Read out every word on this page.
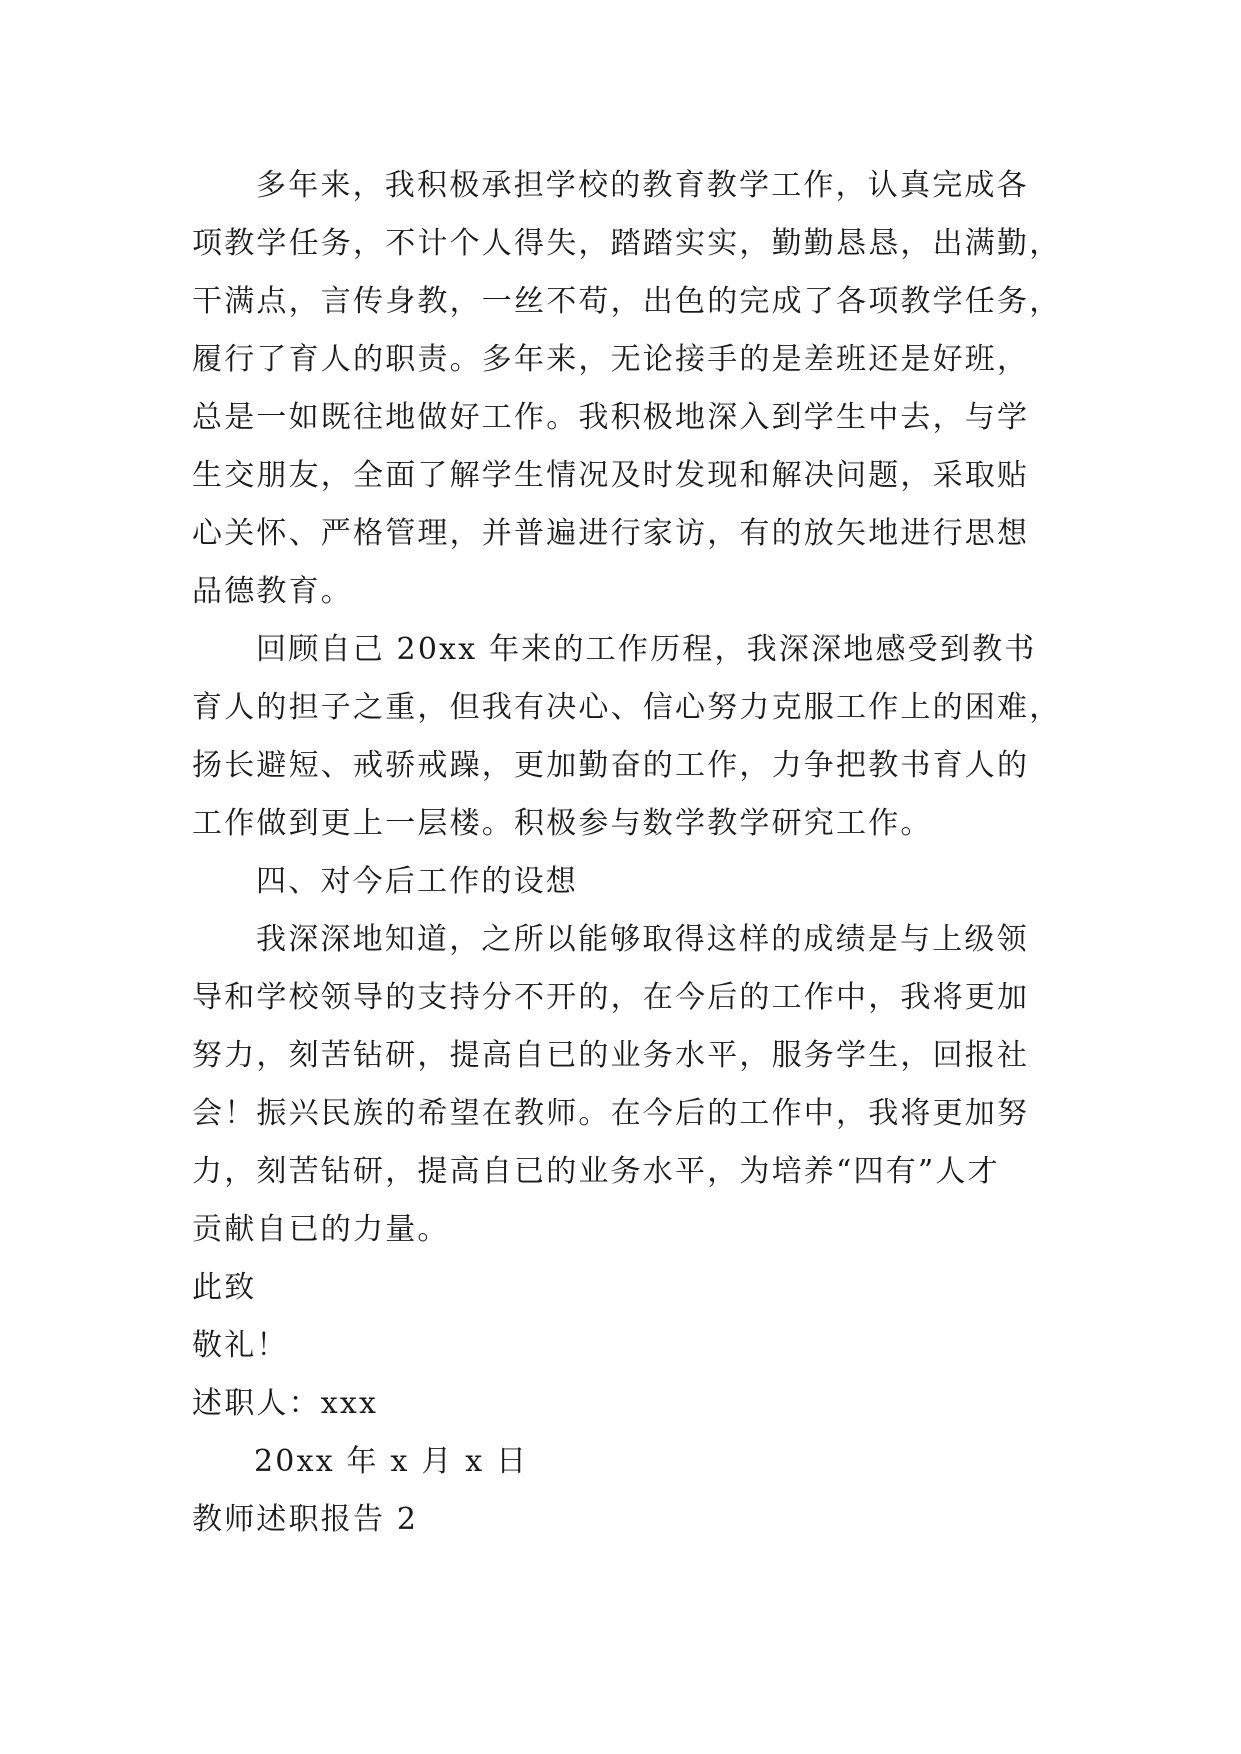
多年来，我积极承担学校的教育教学工作，认真完成各
项教学任务，不计个人得失，踏踏实实，勤勤恳恳，出满勤，
干满点，言传身教，一丝不苟，出色的完成了各项教学任务，
履行了育人的职责。多年来，无论接手的是差班还是好班，
总是一如既往地做好工作。我积极地深入到学生中去，与学
生交朋友，全面了解学生情况及时发现和解决问题，采取贴
心关怀、严格管理，并普遍进行家访，有的放矢地进行思想
品德教育。
回顾自己 20xx 年来的工作历程，我深深地感受到教书
育人的担子之重，但我有决心、信心努力克服工作上的困难，
扬长避短、戒骄戒躁，更加勤奋的工作，力争把教书育人的
工作做到更上一层楼。积极参与数学教学研究工作。
四、对今后工作的设想
我深深地知道，之所以能够取得这样的成绩是与上级领
导和学校领导的支持分不开的，在今后的工作中，我将更加
努力，刻苦钻研，提高自已的业务水平，服务学生，回报社
会！振兴民族的希望在教师。在今后的工作中，我将更加努
力，刻苦钻研，提高自已的业务水平，为培养“四有”人才
贡献自已的力量。
此致
敬礼！
述职人：xxx
20xx 年 x 月 x 日
教师述职报告 2
